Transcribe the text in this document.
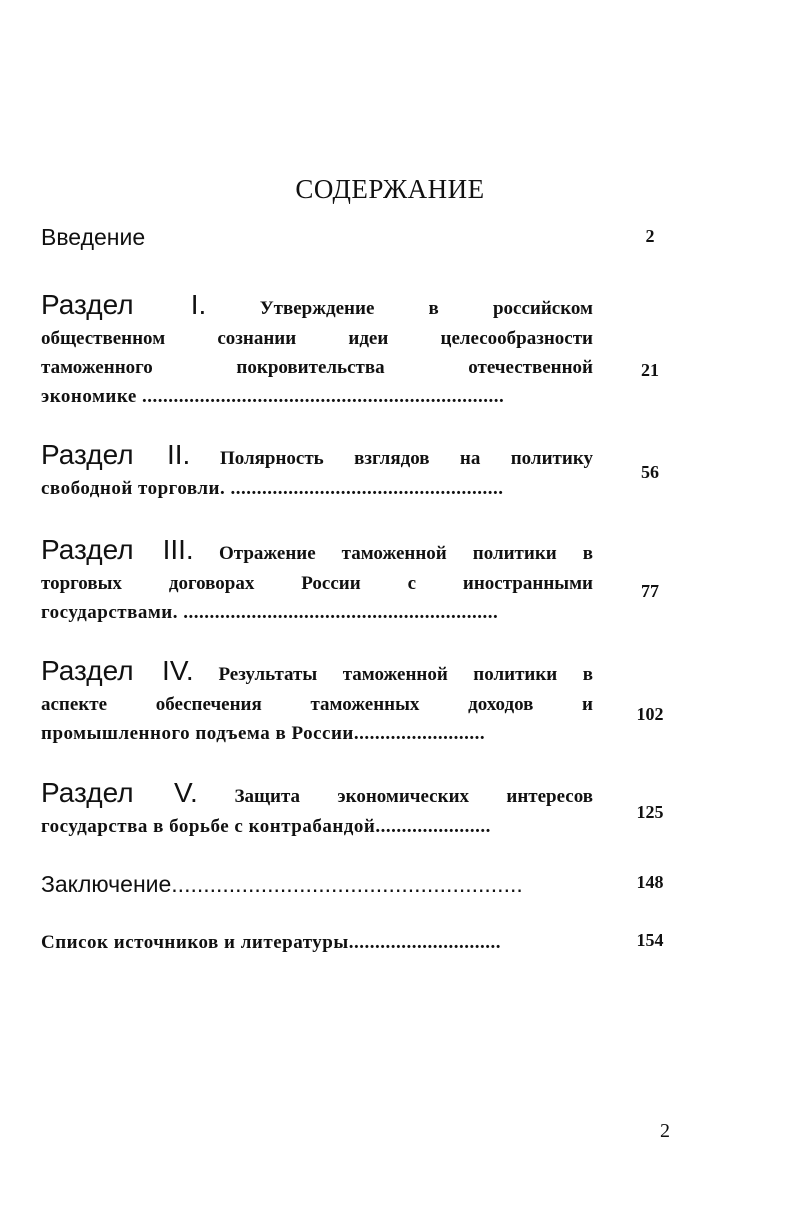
СОДЕРЖАНИЕ
Введение	2
Раздел I.	Утверждение в российском
общественном сознании идеи целесообразности
таможенного покровительства отечественной
экономике .....................................................................
21
Раздел II. Полярность взглядов на политику
свободной торговли. ....................................................
56
Раздел III. Отражение таможенной политики в
торговых договорах России с иностранными
государствами. ............................................................
77
Раздел IV. Результаты таможенной политики в
аспекте обеспечения таможенных доходов и
промышленного подъема в России.........................
102
Раздел V. Защита экономических интересов
государства в борьбе с контрабандой......................
125
Заключение.......................................................	148
Список источников и литературы.............................	154
2
